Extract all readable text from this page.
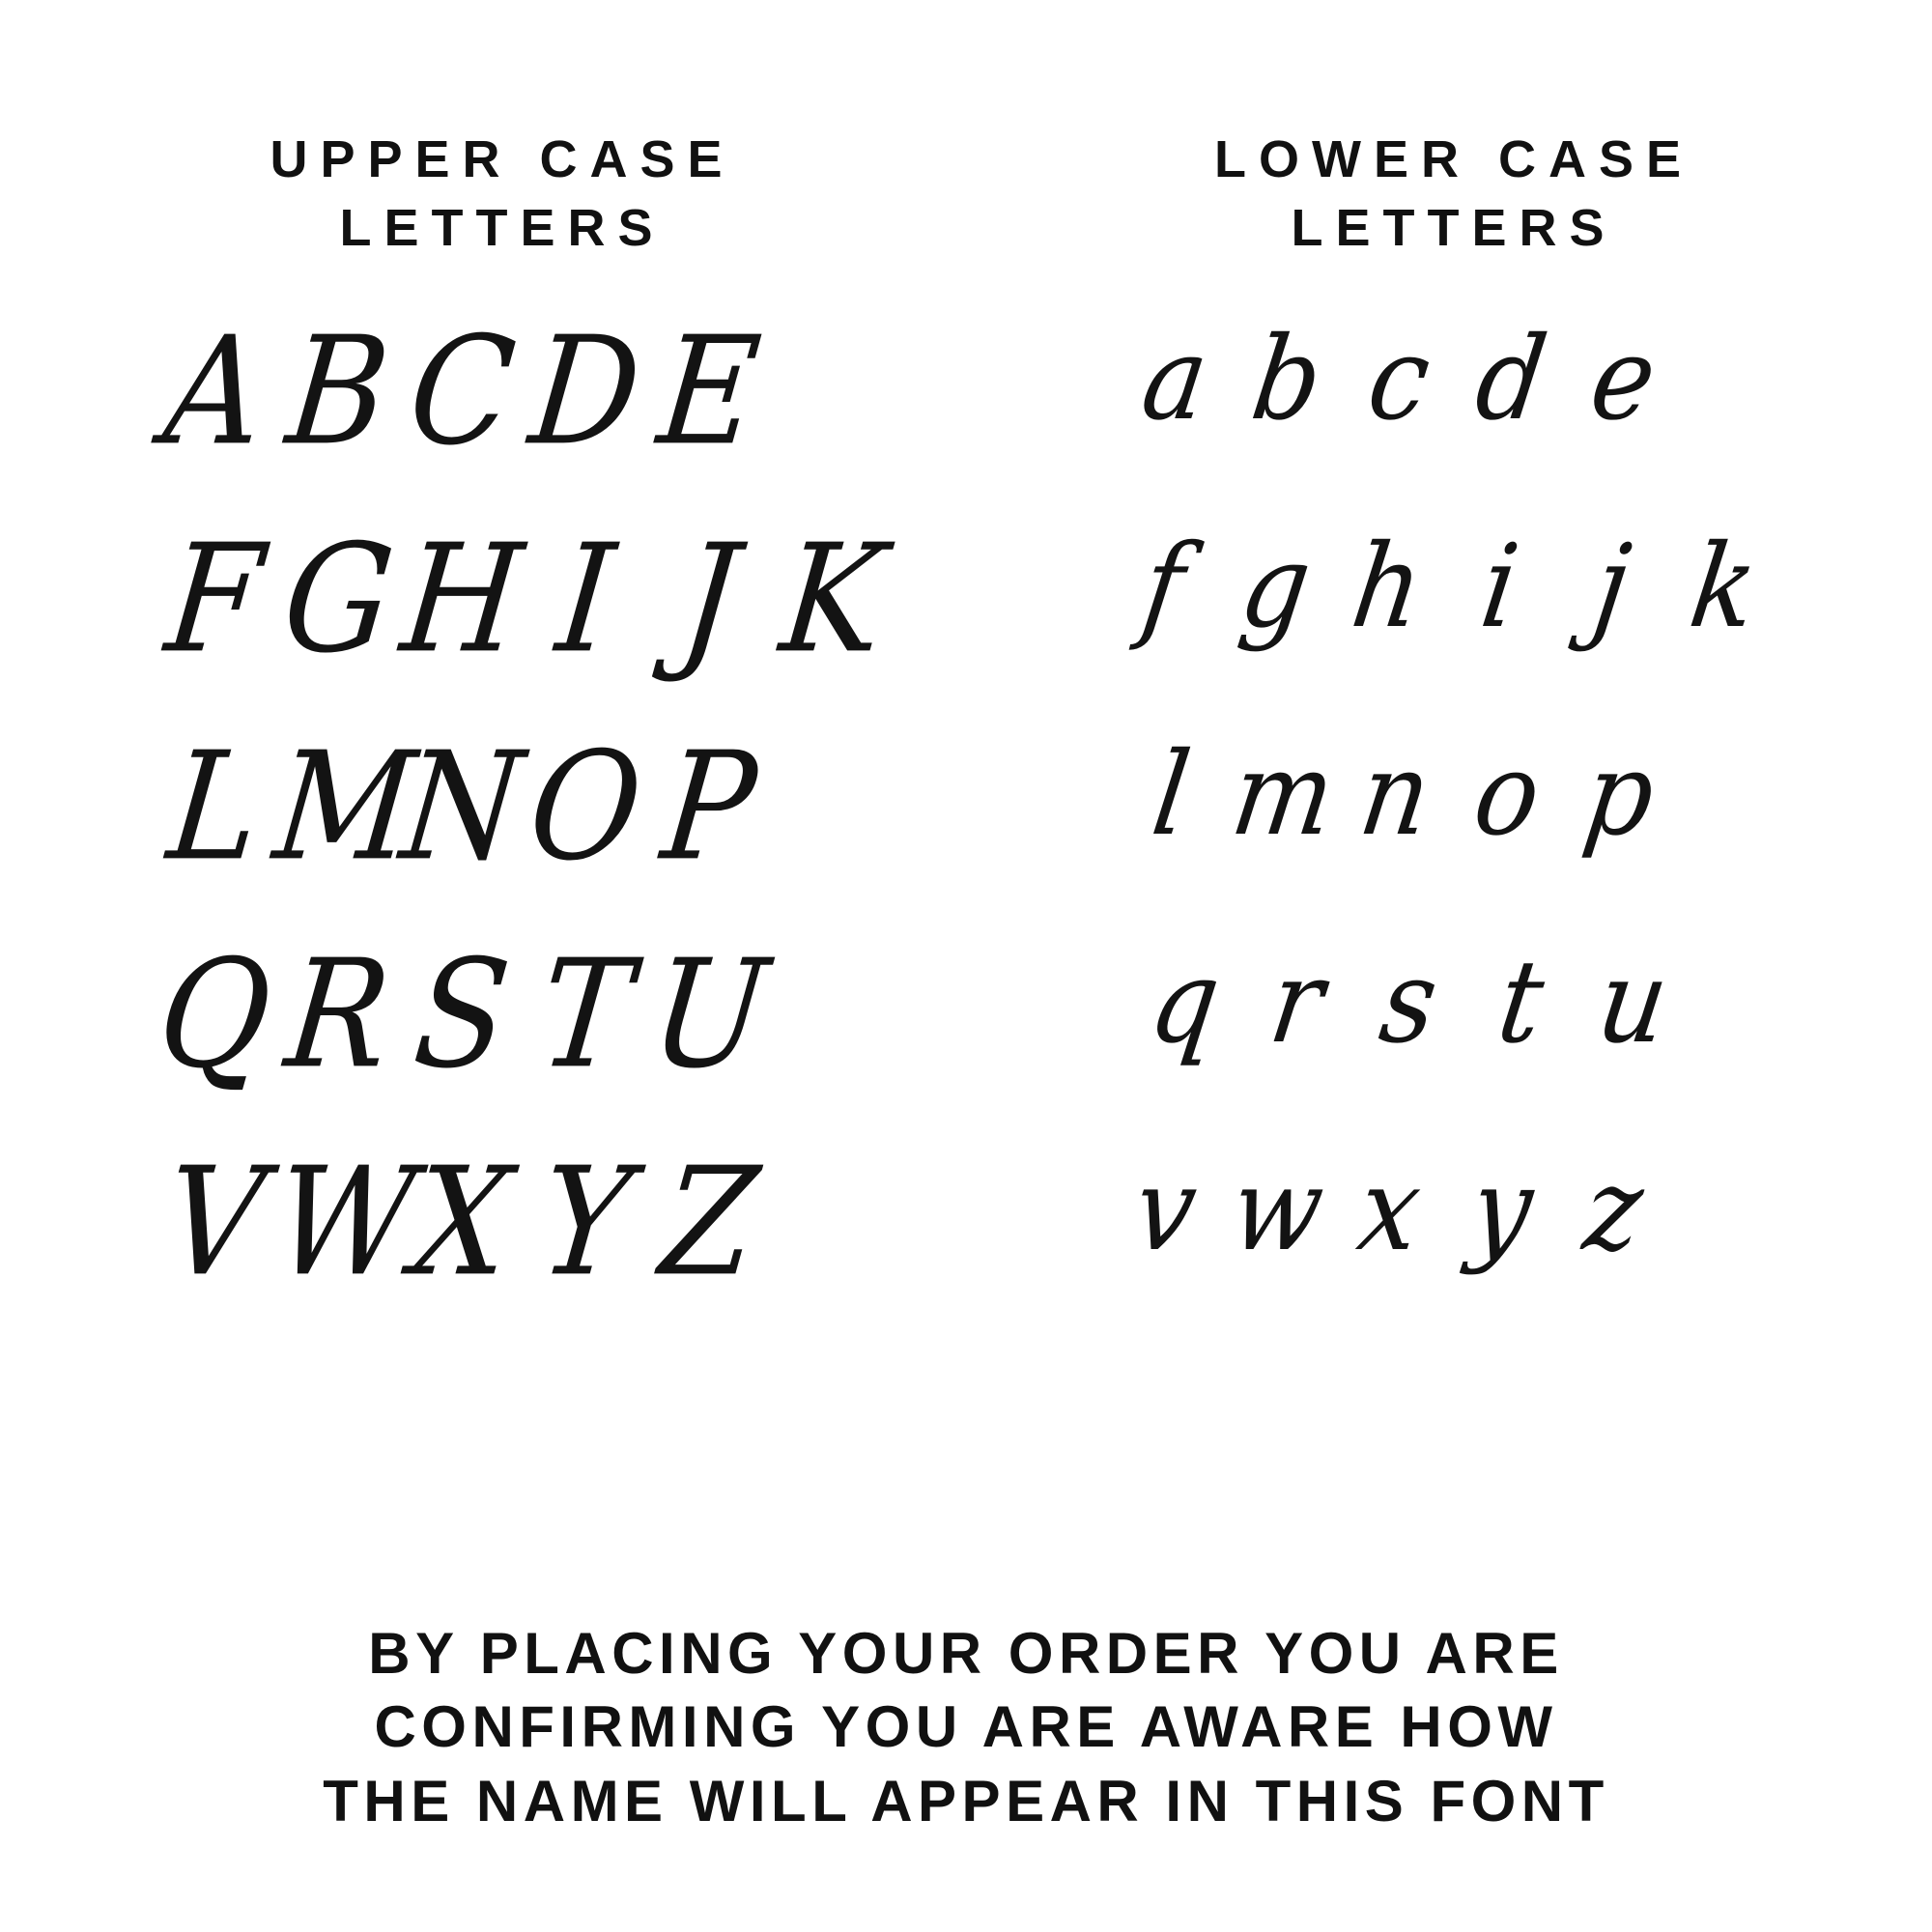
UPPER CASE
LETTERS
LOWER CASE
LETTERS
A B C D E
F G
H I J K
L M
N
O P
Q R S T U
V
W
X Y Z
a b c d e
f g h i j k
l m n o p
q r s t u
v w x y z
BY PLACING YOUR ORDER YOU ARE
CONFIRMING YOU ARE AWARE HOW
THE NAME WILL APPEAR IN THIS FONT
